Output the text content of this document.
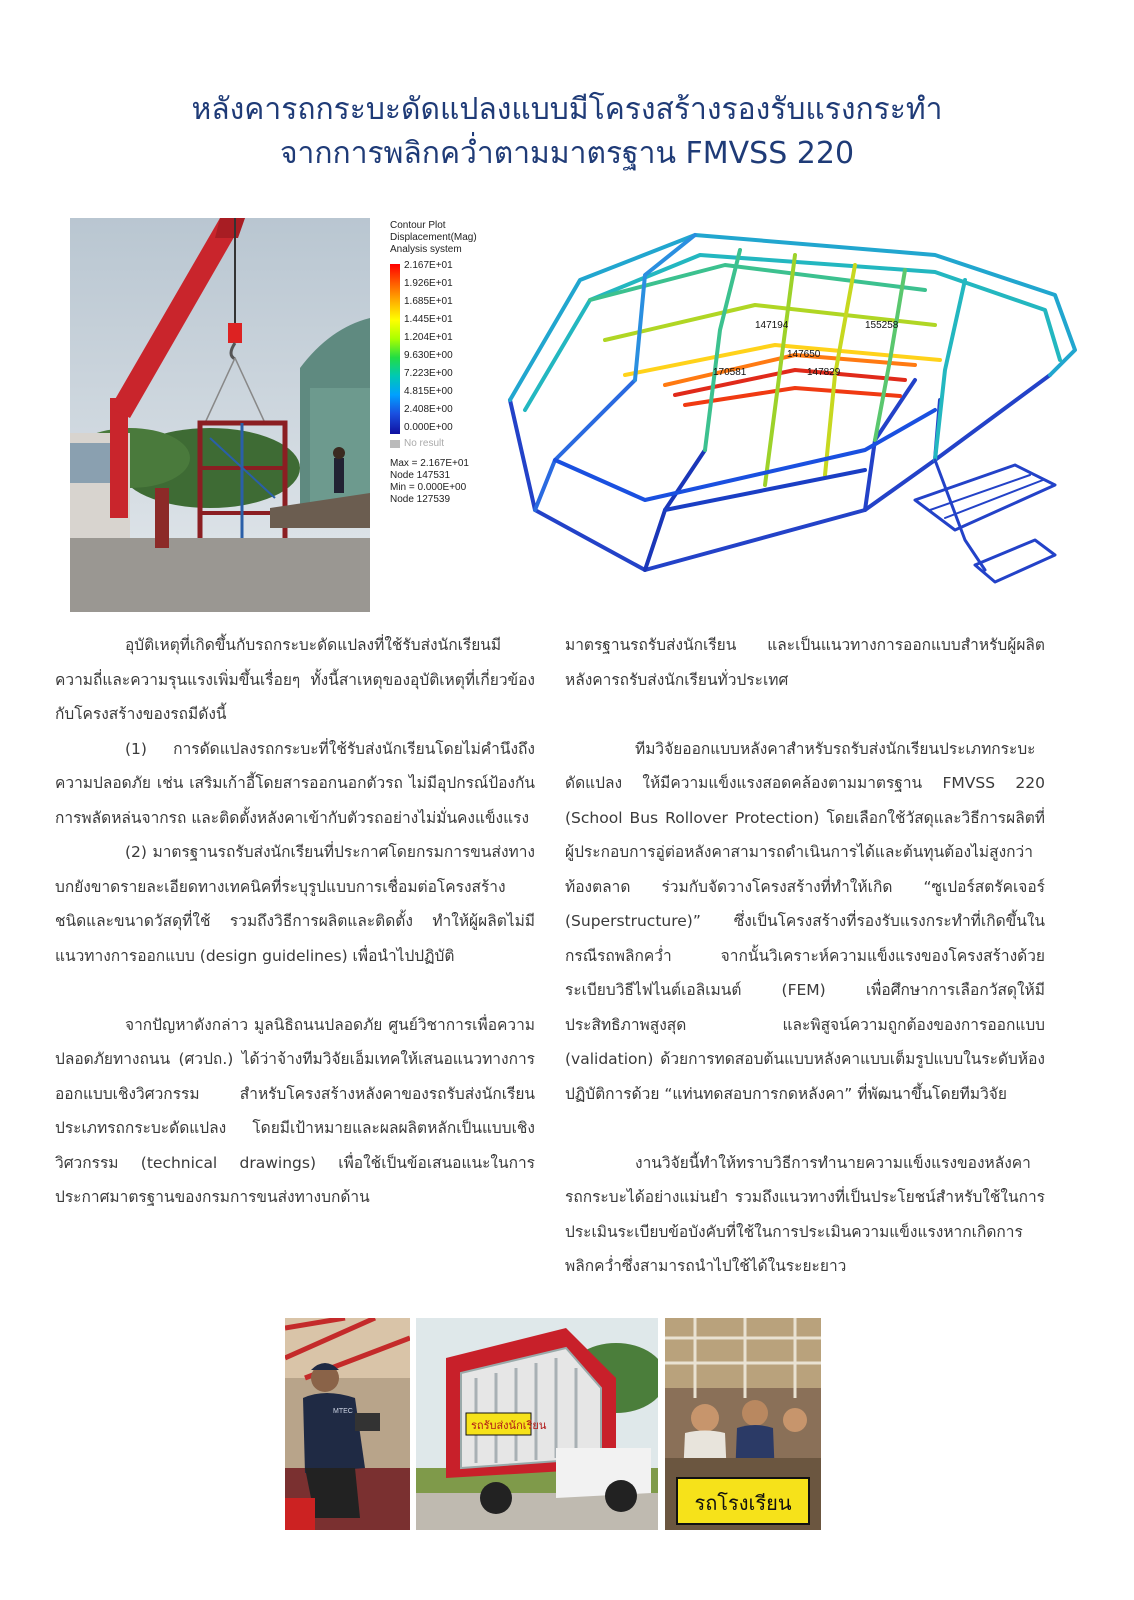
หลังคารถกระบะดัดแปลงแบบมีโครงสร้างรองรับแรงกระทำ
จากการพลิกคว่ำตามมาตรฐาน FMVSS 220
Contour Plot
Displacement(Mag)
Analysis system
2.167E+01
1.926E+01
1.685E+01
1.445E+01
1.204E+01
9.630E+00
7.223E+00
4.815E+00
2.408E+00
0.000E+00
No result
Max = 2.167E+01
Node 147531
Min = 0.000E+00
Node 127539
147194	155258
147650
170581	147829

อุบัติเหตุที่เกิดขึ้นกับรถกระบะดัดแปลงที่ใช้รับส่งนักเรียนมีความถี่และความรุนแรงเพิ่มขึ้นเรื่อยๆ ทั้งนี้สาเหตุของอุบัติเหตุที่เกี่ยวข้องกับโครงสร้างของรถมีดังนี้

(1) การดัดแปลงรถกระบะที่ใช้รับส่งนักเรียนโดยไม่คำนึงถึงความปลอดภัย เช่น เสริมเก้าอี้โดยสารออกนอกตัวรถ ไม่มีอุปกรณ์ป้องกันการพลัดหล่นจากรถ และติดตั้งหลังคาเข้ากับตัวรถอย่างไม่มั่นคงแข็งแรง

(2) มาตรฐานรถรับส่งนักเรียนที่ประกาศโดยกรมการขนส่งทางบกยังขาดรายละเอียดทางเทคนิคที่ระบุรูปแบบการเชื่อมต่อโครงสร้าง ชนิดและขนาดวัสดุที่ใช้ รวมถึงวิธีการผลิตและติดตั้ง ทำให้ผู้ผลิตไม่มีแนวทางการออกแบบ (design guidelines) เพื่อนำไปปฏิบัติ

จากปัญหาดังกล่าว มูลนิธิถนนปลอดภัย ศูนย์วิชาการเพื่อความปลอดภัยทางถนน (ศวปถ.) ได้ว่าจ้างทีมวิจัยเอ็มเทคให้เสนอแนวทางการออกแบบเชิงวิศวกรรม สำหรับโครงสร้างหลังคาของรถรับส่งนักเรียนประเภทรถกระบะดัดแปลง โดยมีเป้าหมายและผลผลิตหลักเป็นแบบเชิงวิศวกรรม (technical drawings) เพื่อใช้เป็นข้อเสนอแนะในการประกาศมาตรฐานของกรมการขนส่งทางบกด้าน

มาตรฐานรถรับส่งนักเรียน และเป็นแนวทางการออกแบบสำหรับผู้ผลิตหลังคารถรับส่งนักเรียนทั่วประเทศ

ทีมวิจัยออกแบบหลังคาสำหรับรถรับส่งนักเรียนประเภทกระบะดัดแปลง ให้มีความแข็งแรงสอดคล้องตามมาตรฐาน FMVSS 220 (School Bus Rollover Protection) โดยเลือกใช้วัสดุและวิธีการผลิตที่ผู้ประกอบการอู่ต่อหลังคาสามารถดำเนินการได้และต้นทุนต้องไม่สูงกว่าท้องตลาด ร่วมกับจัดวางโครงสร้างที่ทำให้เกิด “ซูเปอร์สตรัคเจอร์ (Superstructure)” ซึ่งเป็นโครงสร้างที่รองรับแรงกระทำที่เกิดขึ้นในกรณีรถพลิกคว่ำ จากนั้นวิเคราะห์ความแข็งแรงของโครงสร้างด้วยระเบียบวิธีไฟไนต์เอลิเมนต์ (FEM) เพื่อศึกษาการเลือกวัสดุให้มีประสิทธิภาพสูงสุด และพิสูจน์ความถูกต้องของการออกแบบ (validation) ด้วยการทดสอบต้นแบบหลังคาแบบเต็มรูปแบบในระดับห้องปฏิบัติการด้วย “แท่นทดสอบการกดหลังคา” ที่พัฒนาขึ้นโดยทีมวิจัย

งานวิจัยนี้ทำให้ทราบวิธีการทำนายความแข็งแรงของหลังคารถกระบะได้อย่างแม่นยำ รวมถึงแนวทางที่เป็นประโยชน์สำหรับใช้ในการประเมินระเบียบข้อบังคับที่ใช้ในการประเมินความแข็งแรงหากเกิดการพลิกคว่ำซึ่งสามารถนำไปใช้ได้ในระยะยาว

MTEC
รถรับส่งนักเรียน
รถโรงเรียน
